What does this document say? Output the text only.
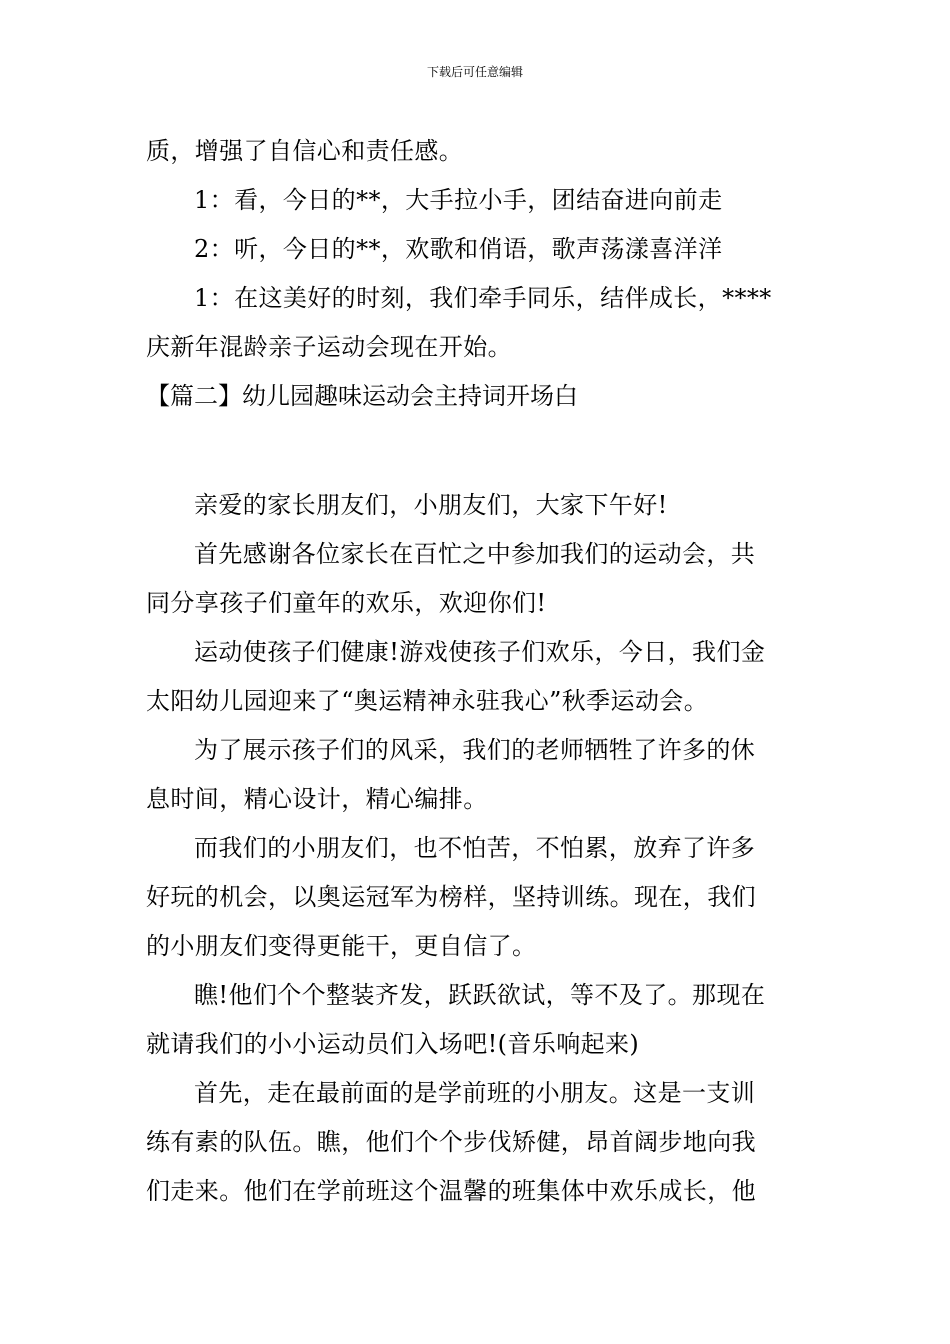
下载后可任意编辑
质，增强了自信心和责任感。
1：看，今日的**，大手拉小手，团结奋进向前走
2：听，今日的**，欢歌和俏语，歌声荡漾喜洋洋
1：在这美好的时刻，我们牵手同乐，结伴成长，****
庆新年混龄亲子运动会现在开始。
【篇二】幼儿园趣味运动会主持词开场白
亲爱的家长朋友们，小朋友们，大家下午好!
首先感谢各位家长在百忙之中参加我们的运动会，共
同分享孩子们童年的欢乐，欢迎你们!
运动使孩子们健康!游戏使孩子们欢乐，今日，我们金
太阳幼儿园迎来了“奥运精神永驻我心”秋季运动会。
为了展示孩子们的风采，我们的老师牺牲了许多的休
息时间，精心设计，精心编排。
而我们的小朋友们，也不怕苦，不怕累，放弃了许多
好玩的机会，以奥运冠军为榜样，坚持训练。现在，我们
的小朋友们变得更能干，更自信了。
瞧!他们个个整装齐发，跃跃欲试，等不及了。那现在
就请我们的小小运动员们入场吧!(音乐响起来)
首先，走在最前面的是学前班的小朋友。这是一支训
练有素的队伍。瞧，他们个个步伐矫健，昂首阔步地向我
们走来。他们在学前班这个温馨的班集体中欢乐成长，他
